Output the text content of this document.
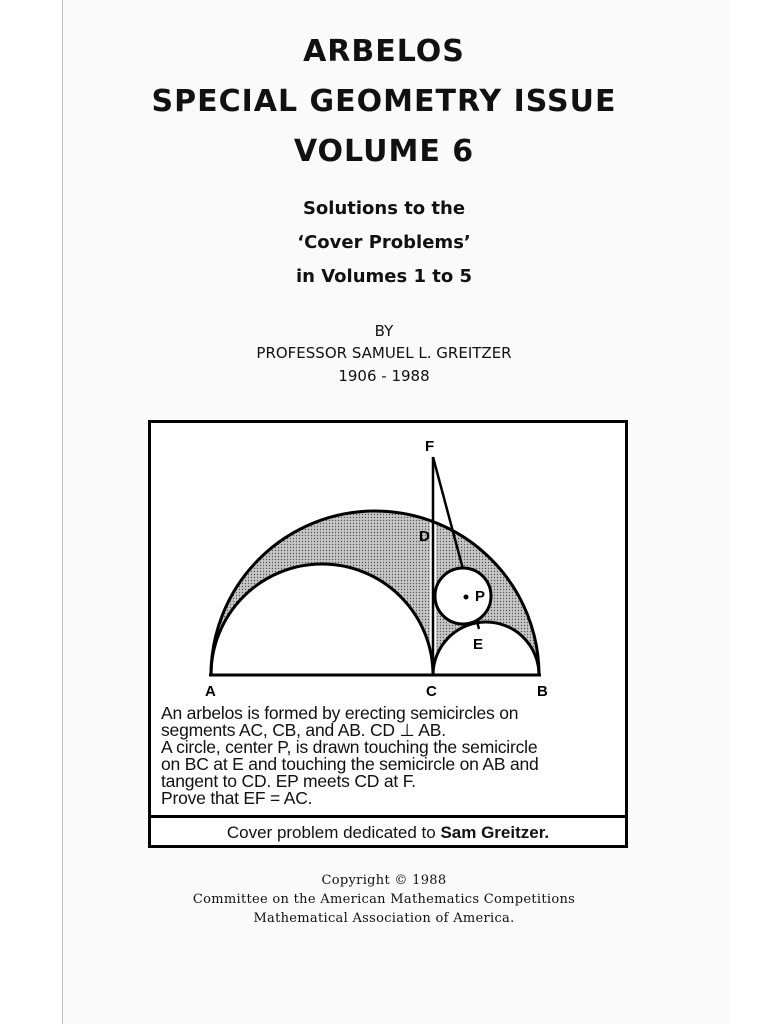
ARBELOS
SPECIAL GEOMETRY ISSUE
VOLUME 6
Solutions to the
‘Cover Problems’
in Volumes 1 to 5
BY
PROFESSOR SAMUEL L. GREITZER
1906 - 1988
F
D
P
E
A	C	B
An arbelos is formed by erecting semicircles on
segments AC, CB, and AB. CD ⊥ AB.
A circle, center P, is drawn touching the semicircle
on BC at E and touching the semicircle on AB and
tangent to CD. EP meets CD at F.
Prove that EF = AC.
Cover problem dedicated to Sam Greitzer.
Copyright © 1988
Committee on the American Mathematics Competitions
Mathematical Association of America.
